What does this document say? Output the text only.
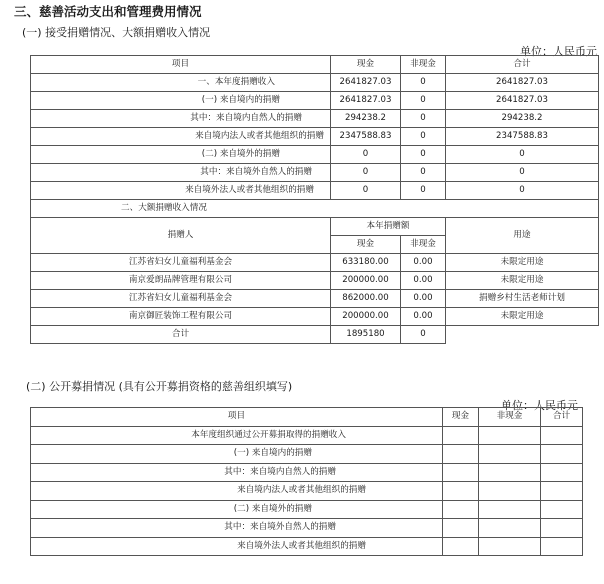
三、慈善活动支出和管理费用情况
(一) 接受捐赠情况、大额捐赠收入情况
单位：人民币元
项目	现金	非现金	合计
一、本年度捐赠收入	2641827.03	0	2641827.03
(一) 来自境内的捐赠	2641827.03	0	2641827.03
其中：来自境内自然人的捐赠	294238.2	0	294238.2
来自境内法人或者其他组织的捐赠	2347588.83	0	2347588.83
(二) 来自境外的捐赠	0	0	0
其中：来自境外自然人的捐赠	0	0	0
来自境外法人或者其他组织的捐赠	0	0	0
二、大额捐赠收入情况			
捐赠人	本年捐赠额		用途
	现金	非现金	
江苏省妇女儿童福利基金会	633180.00	0.00	未限定用途
南京爱朗品牌管理有限公司	200000.00	0.00	未限定用途
江苏省妇女儿童福利基金会	862000.00	0.00	捐赠乡村生活老师计划
南京御匠装饰工程有限公司	200000.00	0.00	未限定用途
合计	1895180	0	
(二) 公开募捐情况 (具有公开募捐资格的慈善组织填写)
单位：人民币元
项目	现金	非现金	合计
本年度组织通过公开募捐取得的捐赠收入			
(一) 来自境内的捐赠			
其中：来自境内自然人的捐赠			
来自境内法人或者其他组织的捐赠			
(二) 来自境外的捐赠			
其中：来自境外自然人的捐赠			
来自境外法人或者其他组织的捐赠			
